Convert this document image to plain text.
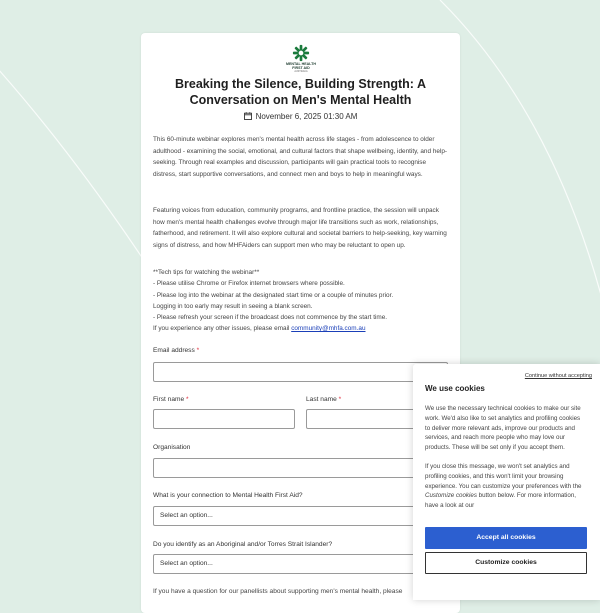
MENTAL HEALTH
FIRST AID
AUSTRALIA
Breaking the Silence, Building Strength: A Conversation on Men's Mental Health
November 6, 2025 01:30 AM

This 60-minute webinar explores men's mental health across life stages - from adolescence to older adulthood - examining the social, emotional, and cultural factors that shape wellbeing, identity, and help-seeking. Through real examples and discussion, participants will gain practical tools to recognise distress, start supportive conversations, and connect men and boys to help in meaningful ways.

Featuring voices from education, community programs, and frontline practice, the session will unpack how men's mental health challenges evolve through major life transitions such as work, relationships, fatherhood, and retirement. It will also explore cultural and societal barriers to help-seeking, key warning signs of distress, and how MHFAiders can support men who may be reluctant to open up.

**Tech tips for watching the webinar**
- Please utilise Chrome or Firefox internet browsers where possible.
- Please log into the webinar at the designated start time or a couple of minutes prior.
Logging in too early may result in seeing a blank screen.
- Please refresh your screen if the broadcast does not commence by the start time.
If you experience any other issues, please email community@mhfa.com.au
Email address *
First name *	Last name *
Organisation
What is your connection to Mental Health First Aid?
Select an option...
Do you identify as an Aboriginal and/or Torres Strait Islander?
Select an option...
If you have a question for our panellists about supporting men's mental health, please
Continue without accepting
We use cookies

We use the necessary technical cookies to make our site work. We'd also like to set analytics and profiling cookies to deliver more relevant ads, improve our products and services, and reach more people who may love our products. These will be set only if you accept them.

If you close this message, we won't set analytics and profiling cookies, and this won't limit your browsing experience. You can customize your preferences with the Customize cookies button below. For more information, have a look at our

Accept all cookies
Customize cookies
